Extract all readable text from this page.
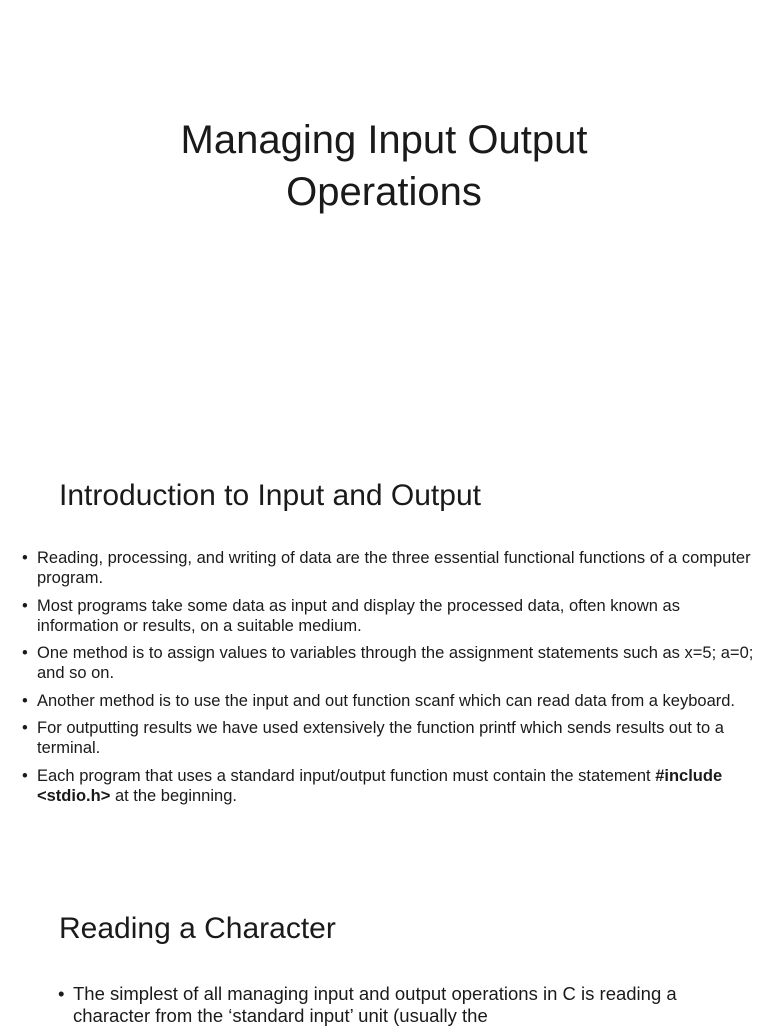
Managing Input Output
Operations
Introduction to Input and Output
• Reading, processing, and writing of data are the three essential functional functions of a computer program.
• Most programs take some data as input and display the processed data, often known as information or results, on a suitable medium.
• One method is to assign values to variables through the assignment statements such as x=5; a=0; and so on.
• Another method is to use the input and out function scanf which can read data from a keyboard.
• For outputting results we have used extensively the function printf which sends results out to a terminal.
• Each program that uses a standard input/output function must contain the statement #include <stdio.h> at the beginning.
Reading a Character
• The simplest of all managing input and output operations in C is reading a character from the ‘standard input’ unit (usually the
